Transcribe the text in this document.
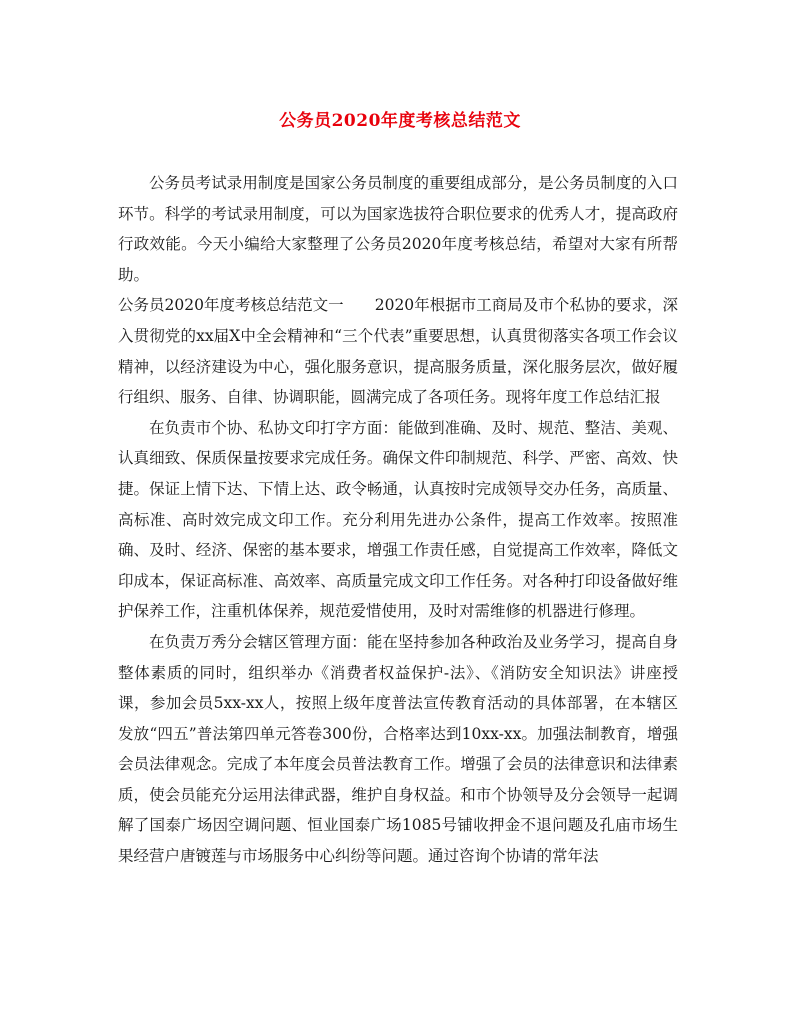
公务员2020年度考核总结范文

公务员考试录用制度是国家公务员制度的重要组成部分，是公务员制度的入口环节。科学的考试录用制度，可以为国家选拔符合职位要求的优秀人才，提高政府行政效能。今天小编给大家整理了公务员2020年度考核总结，希望对大家有所帮助。

公务员2020年度考核总结范文一　　2020年根据市工商局及市个私协的要求，深入贯彻党的xx届X中全会精神和“三个代表”重要思想，认真贯彻落实各项工作会议精神，以经济建设为中心，强化服务意识，提高服务质量，深化服务层次，做好履行组织、服务、自律、协调职能，圆满完成了各项任务。现将年度工作总结汇报

在负责市个协、私协文印打字方面：能做到准确、及时、规范、整洁、美观、认真细致、保质保量按要求完成任务。确保文件印制规范、科学、严密、高效、快捷。保证上情下达、下情上达、政令畅通，认真按时完成领导交办任务，高质量、高标准、高时效完成文印工作。充分利用先进办公条件，提高工作效率。按照准确、及时、经济、保密的基本要求，增强工作责任感，自觉提高工作效率，降低文印成本，保证高标准、高效率、高质量完成文印工作任务。对各种打印设备做好维护保养工作，注重机体保养，规范爱惜使用，及时对需维修的机器进行修理。

在负责万秀分会辖区管理方面：能在坚持参加各种政治及业务学习，提高自身整体素质的同时，组织举办《消费者权益保护-法》、《消防安全知识法》讲座授课，参加会员5xx-xx人，按照上级年度普法宣传教育活动的具体部署，在本辖区发放“四五”普法第四单元答卷300份，合格率达到10xx-xx。加强法制教育，增强会员法律观念。完成了本年度会员普法教育工作。增强了会员的法律意识和法律素质，使会员能充分运用法律武器，维护自身权益。和市个协领导及分会领导一起调解了国泰广场因空调问题、恒业国泰广场1085号铺收押金不退问题及孔庙市场生果经营户唐镀莲与市场服务中心纠纷等问题。通过咨询个协请的常年法
